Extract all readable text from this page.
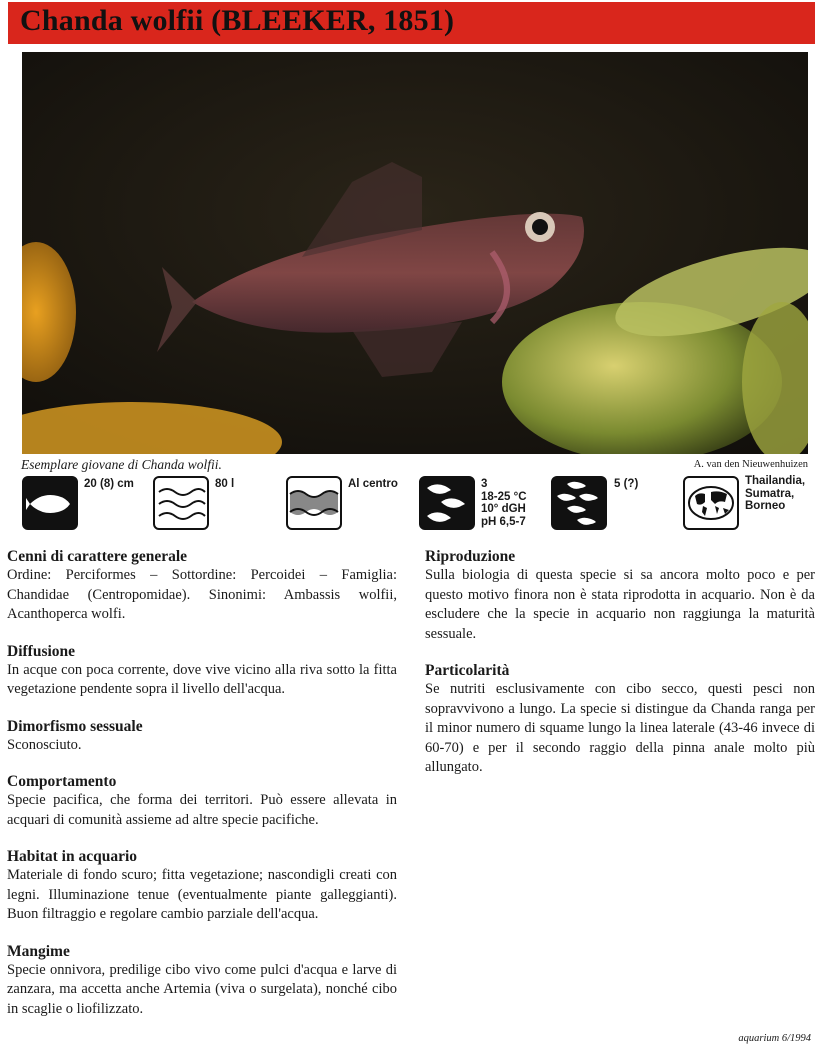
Chanda wolfii (BLEEKER, 1851)
Esemplare giovane di Chanda wolfii.	A. van den Nieuwenhuizen
20 (8) cm	80 l	Al centro	3
18-25 °C
10° dGH
pH 6,5-7
5 (?)	Thailandia,
Sumatra,
Borneo
Cenni di carattere generale

Ordine: Perciformes – Sottordine: Percoidei – Famiglia: Chandidae (Centropomidae). Sinonimi: Ambassis wolfii, Acanthoperca wolfi.

Diffusione

In acque con poca corrente, dove vive vicino alla riva sotto la fitta vegetazione pendente sopra il livello dell'acqua.

Dimorfismo sessuale

Sconosciuto.

Comportamento

Specie pacifica, che forma dei territori. Può essere allevata in acquari di comunità assieme ad altre specie pacifiche.

Habitat in acquario

Materiale di fondo scuro; fitta vegetazione; nascondigli creati con legni. Illuminazione tenue (eventualmente piante galleggianti). Buon filtraggio e regolare cambio parziale dell'acqua.

Mangime

Specie onnivora, predilige cibo vivo come pulci d'acqua e larve di zanzara, ma accetta anche Artemia (viva o surgelata), nonché cibo in scaglie o liofilizzato.

Riproduzione

Sulla biologia di questa specie si sa ancora molto poco e per questo motivo finora non è stata riprodotta in acquario. Non è da escludere che la specie in acquario non raggiunga la maturità sessuale.

Particolarità

Se nutriti esclusivamente con cibo secco, questi pesci non sopravvivono a lungo. La specie si distingue da Chanda ranga per il minor numero di squame lungo la linea laterale (43-46 invece di 60-70) e per il secondo raggio della pinna anale molto più allungato.

aquarium 6/1994
